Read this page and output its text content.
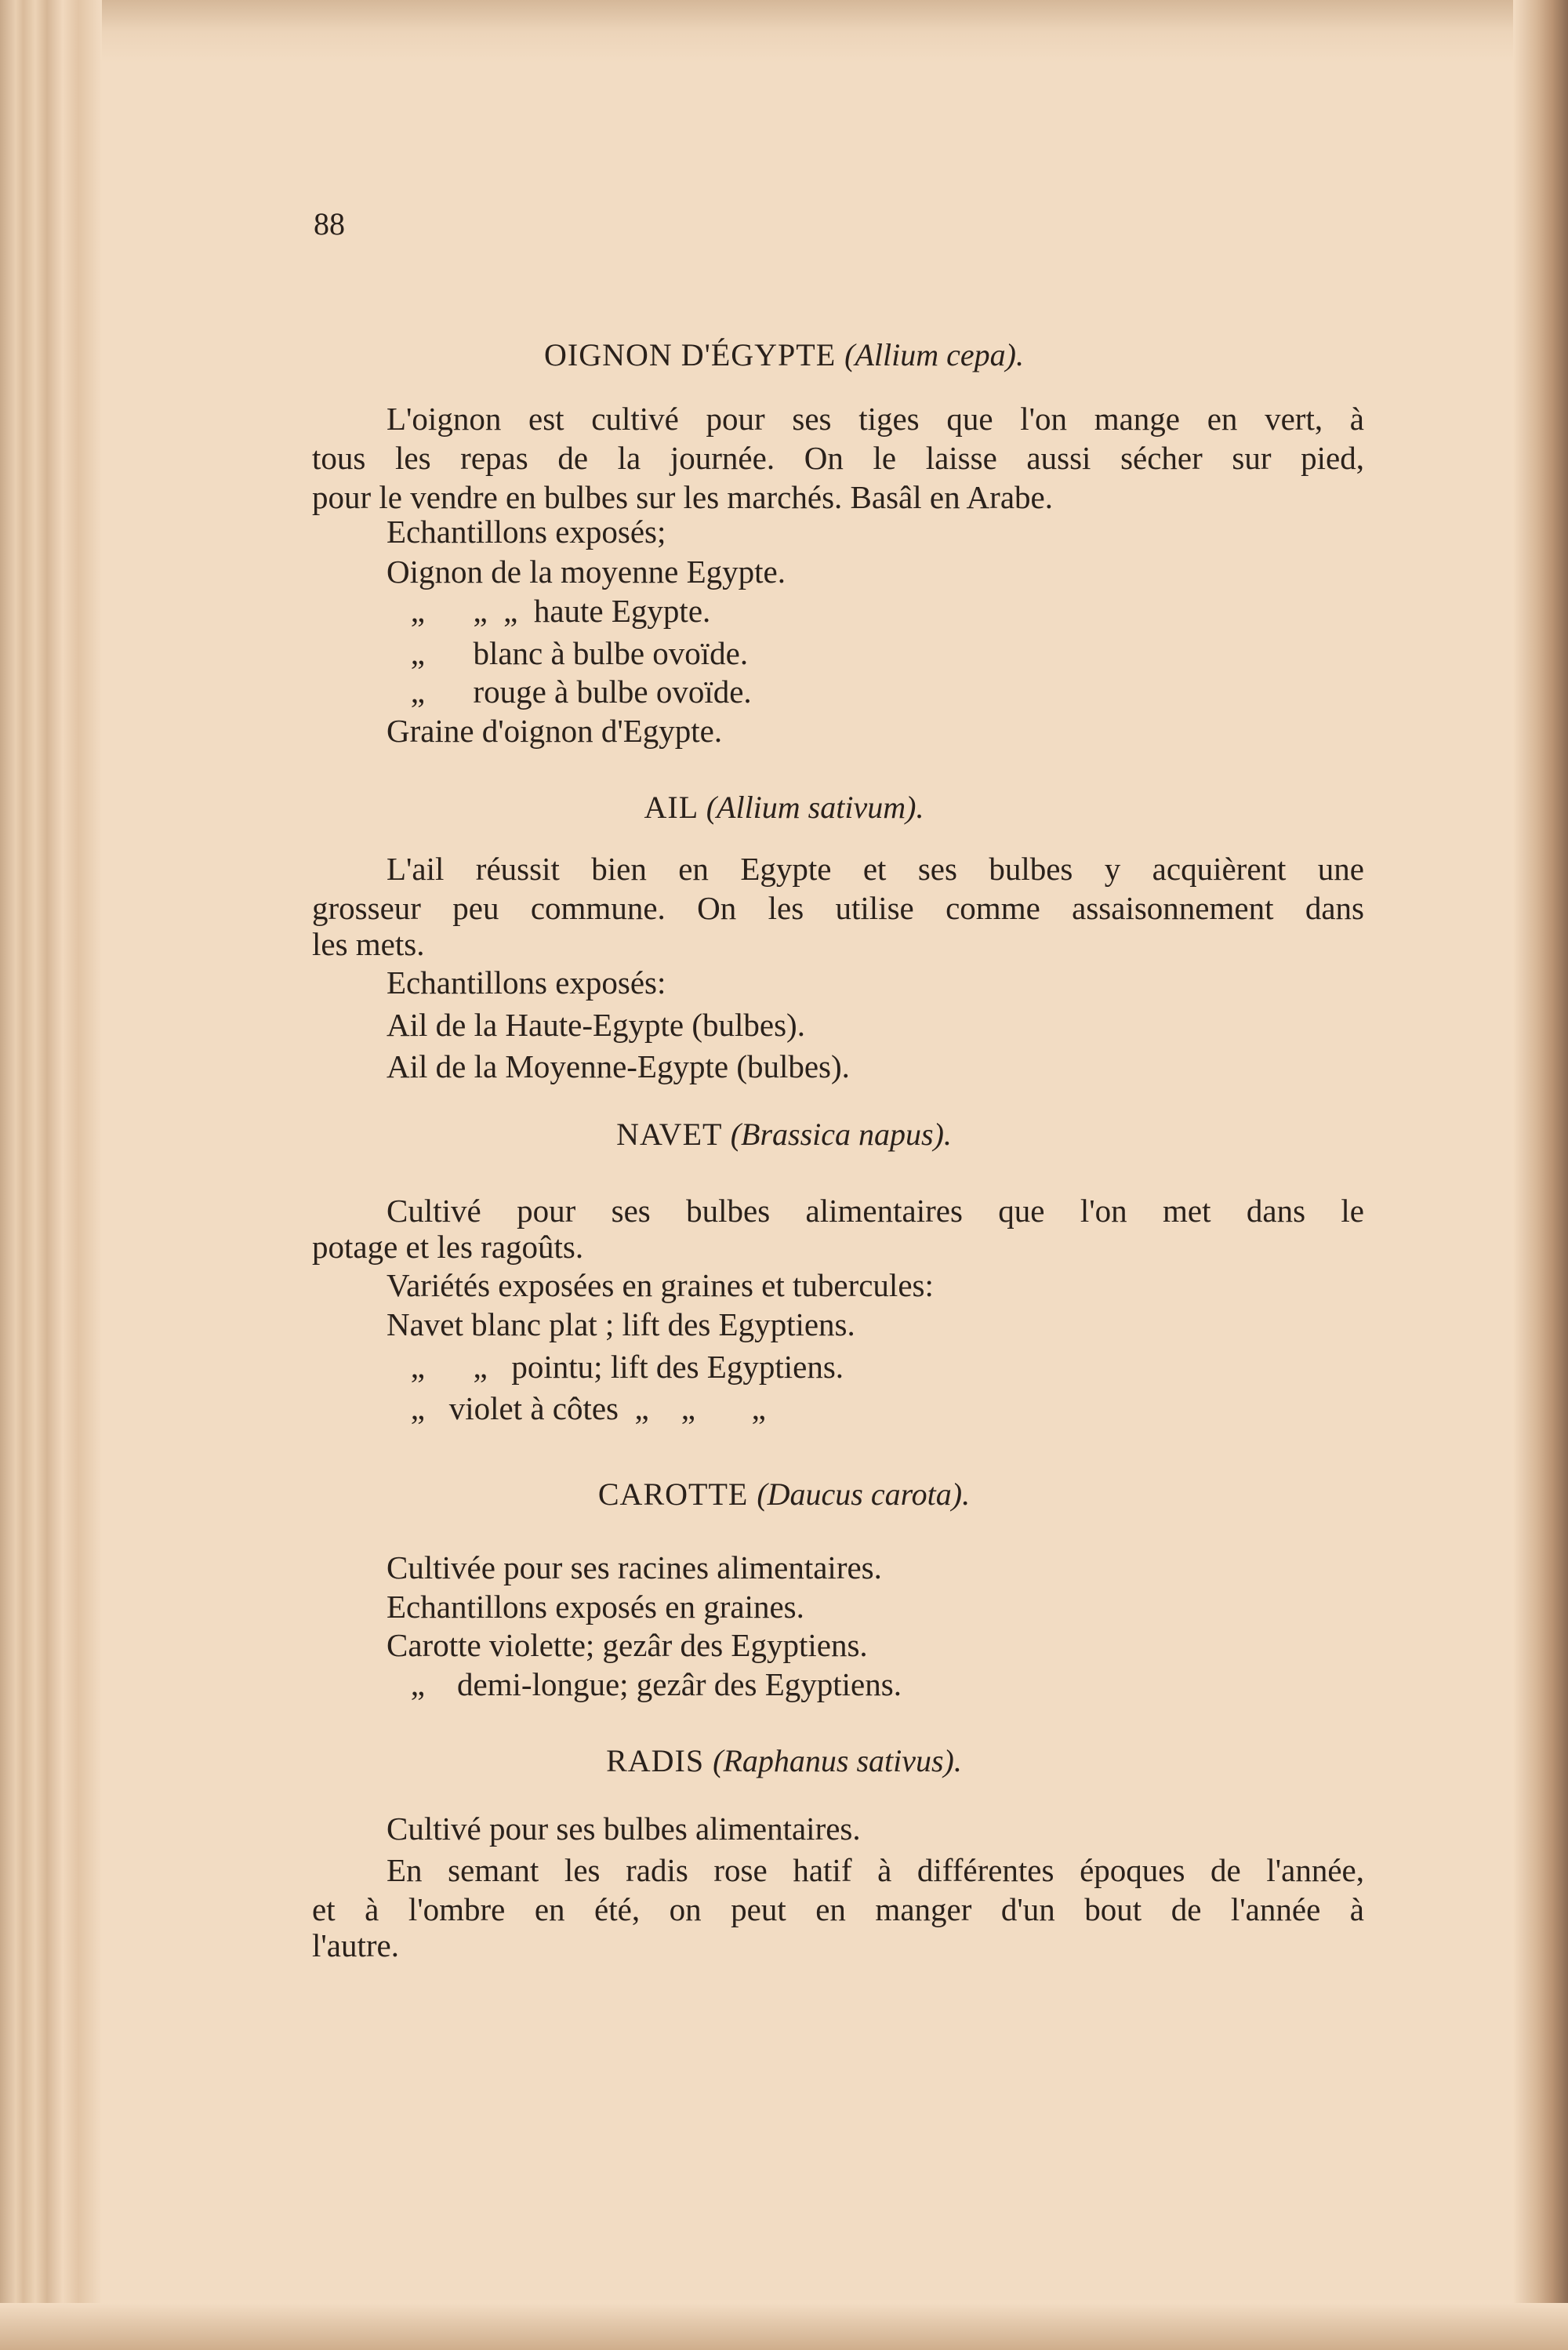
88
OIGNON D'ÉGYPTE (Allium cepa).
L'oignon est cultivé pour ses tiges que l'on mange en vert, à
tous les repas de la journée. On le laisse aussi sécher sur pied,
pour le vendre en bulbes sur les marchés. Basâl en Arabe.
Echantillons exposés;
Oignon de la moyenne Egypte.
„      „  „  haute Egypte.
„      blanc à bulbe ovoïde.
„      rouge à bulbe ovoïde.
Graine d'oignon d'Egypte.
AIL (Allium sativum).
L'ail réussit bien en Egypte et ses bulbes y acquièrent une
grosseur peu commune. On les utilise comme assaisonnement dans
les mets.
Echantillons exposés:
Ail de la Haute-Egypte (bulbes).
Ail de la Moyenne-Egypte (bulbes).
NAVET (Brassica napus).
Cultivé pour ses bulbes alimentaires que l'on met dans le
potage et les ragoûts.
Variétés exposées en graines et tubercules:
Navet blanc plat ; lift des Egyptiens.
„      „   pointu; lift des Egyptiens.
„   violet à côtes  „    „       „
CAROTTE (Daucus carota).
Cultivée pour ses racines alimentaires.
Echantillons exposés en graines.
Carotte violette; gezâr des Egyptiens.
„    demi-longue; gezâr des Egyptiens.
RADIS (Raphanus sativus).
Cultivé pour ses bulbes alimentaires.
En semant les radis rose hatif à différentes époques de l'année,
et à l'ombre en été, on peut en manger d'un bout de l'année à
l'autre.
